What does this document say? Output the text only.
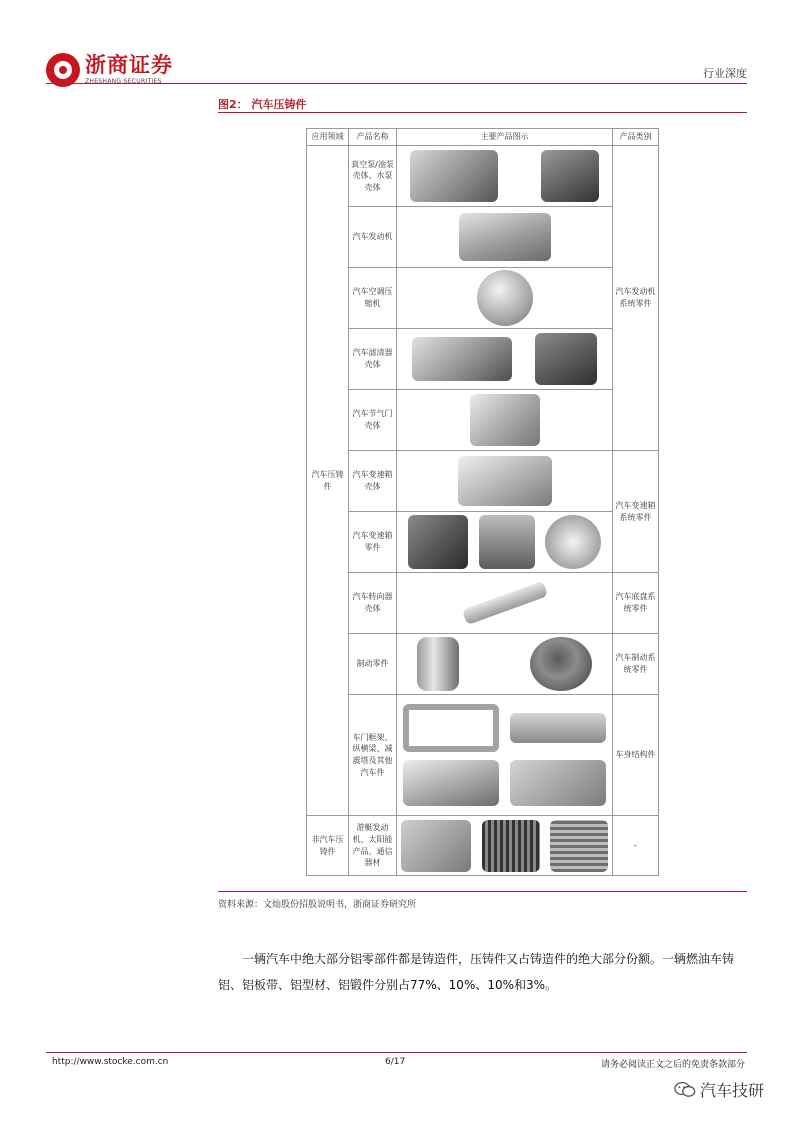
浙商证券
ZHESHANG SECURITIES
行业深度
图2： 汽车压铸件
应用领域	产品名称	主要产品图示	产品类别
汽车压铸件	真空泵/油泵壳体、水泵壳体		汽车发动机系统零件
	汽车发动机		
	汽车空调压缩机		
	汽车滤清器壳体		
	汽车节气门壳体		
	汽车变速箱壳体		汽车变速箱系统零件
	汽车变速箱零件		
	汽车转向器壳体		汽车底盘系统零件
	制动零件		汽车制动系统零件
	车门框架、纵横梁、减震塔及其他汽车件		车身结构件
非汽车压铸件	游艇发动机、太阳能产品、通信器材		-
资料来源：文灿股份招股说明书，浙商证券研究所
一辆汽车中绝大部分铝零部件都是铸造件，压铸件又占铸造件的绝大部分份额。一辆燃油车铸铝、铝板带、铝型材、铝锻件分别占77%、10%、10%和3%。
http://www.stocke.com.cn	6/17	请务必阅读正文之后的免责条款部分
汽车技研
